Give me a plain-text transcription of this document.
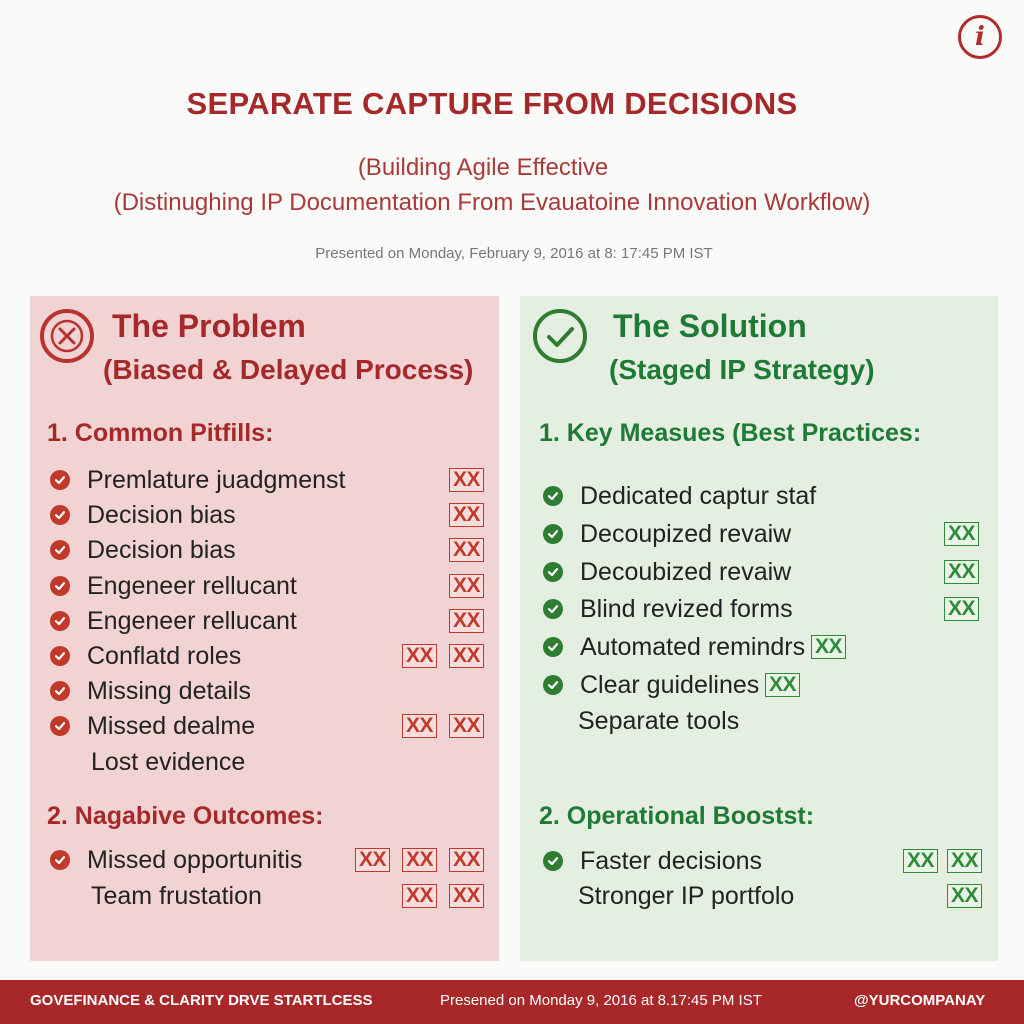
i
SEPARATE CAPTURE FROM DECISIONS
(Building Agile Effective
(Distinughing IP Documentation From Evauatoine Innovation Workflow)
Presented on Monday, February 9, 2016 at 8: 17:45 PM IST
The Problem
(Biased & Delayed Process)
1. Common Pitfills:
Premlature juadgmenst	XX
Decision bias	XX
Decision bias	XX
Engeneer rellucant	XX
Engeneer rellucant	XX
Conflatd roles	XX XX
Missing details
Missed dealme	XX XX
Lost evidence
2. Nagabive Outcomes:
Missed opportunitis	XX XX XX
Team frustation	XX XX
The Solution
(Staged IP Strategy)
1. Key Measues (Best Practices:
Dedicated captur staf
Decoupized revaiw	XX
Decoubized revaiw	XX
Blind revized forms	XX
Automated remindrs XX
Clear guidelines XX
Separate tools
2. Operational Boostst:
Faster decisions	XX XX
Stronger IP portfolo	XX
GOVEFINANCE & CLARITY DRVE STARTLCESS	Presened on Monday 9, 2016 at 8.17:45 PM IST	@YURCOMPANAY
